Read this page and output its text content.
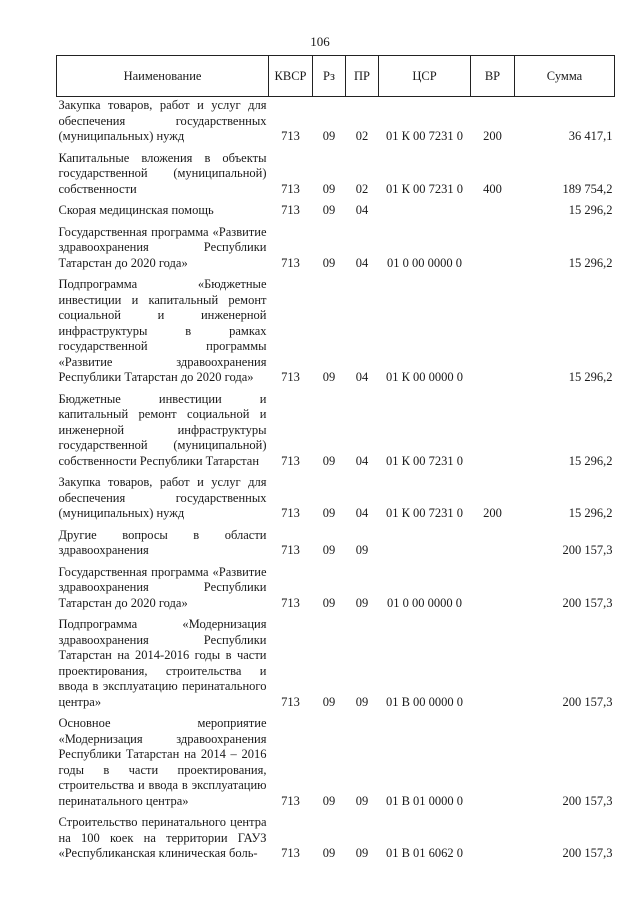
106
Наименование	КВСР	Рз	ПР	ЦСР	ВР	Сумма
Закупка товаров, работ и услуг для обеспечения государственных (муниципальных) нужд	713	09	02	01 К 00 7231 0	200	36 417,1
Капитальные вложения в объекты государственной (муниципальной) собственности	713	09	02	01 К 00 7231 0	400	189 754,2
Скорая медицинская помощь	713	09	04			15 296,2
Государственная программа «Развитие здравоохранения Республики Татарстан до 2020 года»	713	09	04	01 0 00 0000 0		15 296,2
Подпрограмма «Бюджетные инвестиции и капитальный ремонт социальной и инженерной инфраструктуры в рамках государственной программы «Развитие здравоохранения Республики Татарстан до 2020 года»	713	09	04	01 К 00 0000 0		15 296,2
Бюджетные инвестиции и капитальный ремонт социальной и инженерной инфраструктуры государственной (муниципальной) собственности Республики Татарстан	713	09	04	01 К 00 7231 0		15 296,2
Закупка товаров, работ и услуг для обеспечения государственных (муниципальных) нужд	713	09	04	01 К 00 7231 0	200	15 296,2
Другие вопросы в области здравоохранения	713	09	09			200 157,3
Государственная программа «Развитие здравоохранения Республики Татарстан до 2020 года»	713	09	09	01 0 00 0000 0		200 157,3
Подпрограмма «Модернизация здравоохранения Республики Татарстан на 2014-2016 годы в части проектирования, строительства и ввода в эксплуатацию перинатального центра»	713	09	09	01 В 00 0000 0		200 157,3
Основное мероприятие «Модернизация здравоохранения Республики Татарстан на 2014 – 2016 годы в части проектирования, строительства и ввода в эксплуатацию перинатального центра»	713	09	09	01 В 01 0000 0		200 157,3
Строительство перинатального центра на 100 коек на территории ГАУЗ «Республиканская клиническая боль-	713	09	09	01 В 01 6062 0		200 157,3
